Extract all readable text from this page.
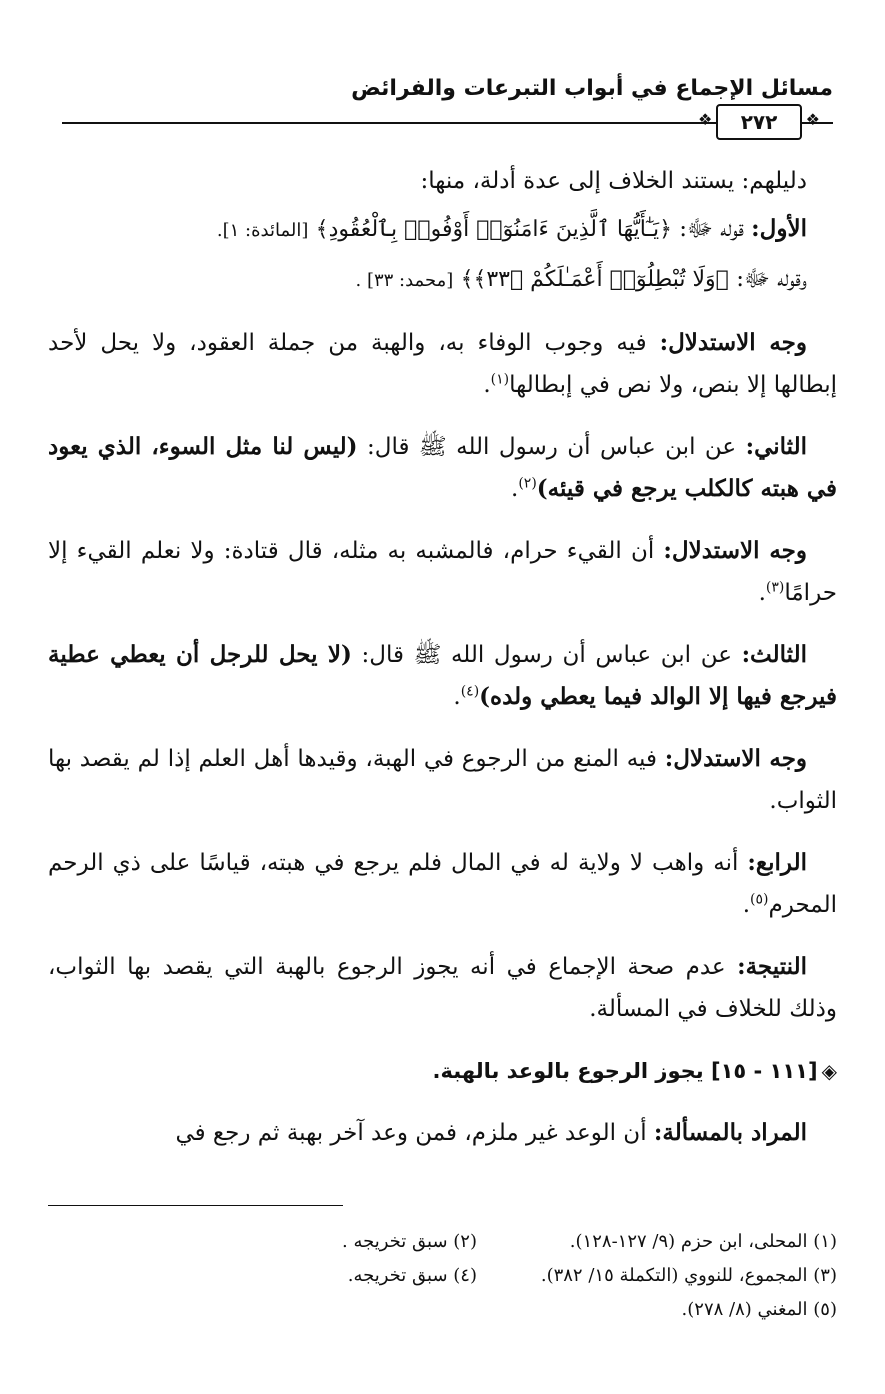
مسائل الإجماع في أبواب التبرعات والفرائض
❖ ٢٧٢ ❖

دليلهم: يستند الخلاف إلى عدة أدلة، منها:

الأول: قوله ﷻ: ﴿يَـٰٓأَيُّهَا ٱلَّذِينَ ءَامَنُوٓا۟ أَوْفُوا۟ بِٱلْعُقُودِ﴾ [المائدة: ١].

وقوله ﷻ: ﴿وَلَا تُبْطِلُوٓا۟ أَعْمَـٰلَكُمْ ﴿٣٣﴾﴾ [محمد: ٣٣] .

وجه الاستدلال: فيه وجوب الوفاء به، والهبة من جملة العقود، ولا يحل لأحد إبطالها إلا بنص، ولا نص في إبطالها$^{(١)}$.

الثاني: عن ابن عباس أن رسول الله ﷺ قال: (ليس لنا مثل السوء، الذي يعود في هبته كالكلب يرجع في قيئه)$^{(٢)}$.

وجه الاستدلال: أن القيء حرام، فالمشبه به مثله، قال قتادة: ولا نعلم القيء إلا حرامًا$^{(٣)}$.

الثالث: عن ابن عباس أن رسول الله ﷺ قال: (لا يحل للرجل أن يعطي عطية فيرجع فيها إلا الوالد فيما يعطي ولده)$^{(٤)}$.

وجه الاستدلال: فيه المنع من الرجوع في الهبة، وقيدها أهل العلم إذا لم يقصد بها الثواب.

الرابع: أنه واهب لا ولاية له في المال فلم يرجع في هبته، قياسًا على ذي الرحم المحرم$^{(٥)}$.

النتيجة: عدم صحة الإجماع في أنه يجوز الرجوع بالهبة التي يقصد بها الثواب، وذلك للخلاف في المسألة.

◈[١١١ - ١٥] يجوز الرجوع بالوعد بالهبة.

المراد بالمسألة: أن الوعد غير ملزم، فمن وعد آخر بهبة ثم رجع في

(١) المحلى، ابن حزم (٩/ ١٢٧-١٢٨).
(٢) سبق تخريجه .
(٣) المجموع، للنووي (التكملة ١٥/ ٣٨٢).
(٤) سبق تخريجه.
(٥) المغني (٨/ ٢٧٨).
